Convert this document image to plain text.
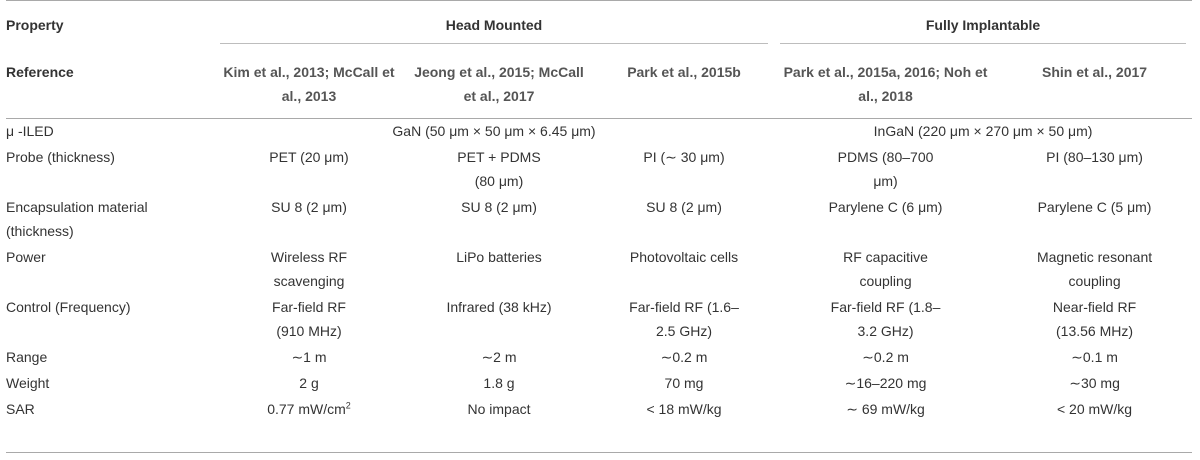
Property	Head Mounted			Fully Implantable	

Reference	Kim et al., 2013; McCall et al., 2013	Jeong et al., 2015; McCall et al., 2017	Park et al., 2015b	Park et al., 2015a, 2016; Noh et al., 2018	Shin et al., 2017

μ -ILED	GaN (50 μm × 50 μm × 6.45 μm)			InGaN (220 μm × 270 μm × 50 μm)	
Probe (thickness)	PET (20 μm)	PET + PDMS (80 μm)	PI (∼ 30 μm)	PDMS (80–700 μm)	PI (80–130 μm)
Encapsulation material (thickness)	SU 8 (2 μm)	SU 8 (2 μm)	SU 8 (2 μm)	Parylene C (6 μm)	Parylene C (5 μm)
Power	Wireless RF scavenging	LiPo batteries	Photovoltaic cells	RF capacitive coupling	Magnetic resonant coupling
Control (Frequency)	Far-field RF (910 MHz)	Infrared (38 kHz)	Far-field RF (1.6–2.5 GHz)	Far-field RF (1.8–3.2 GHz)	Near-field RF (13.56 MHz)
Range	∼1 m	∼2 m	∼0.2 m	∼0.2 m	∼0.1 m
Weight	2 g	1.8 g	70 mg	∼16–220 mg	∼30 mg
SAR	0.77 $mW/cm^2$	No impact	< 18 mW/kg	∼ 69 mW/kg	< 20 mW/kg
